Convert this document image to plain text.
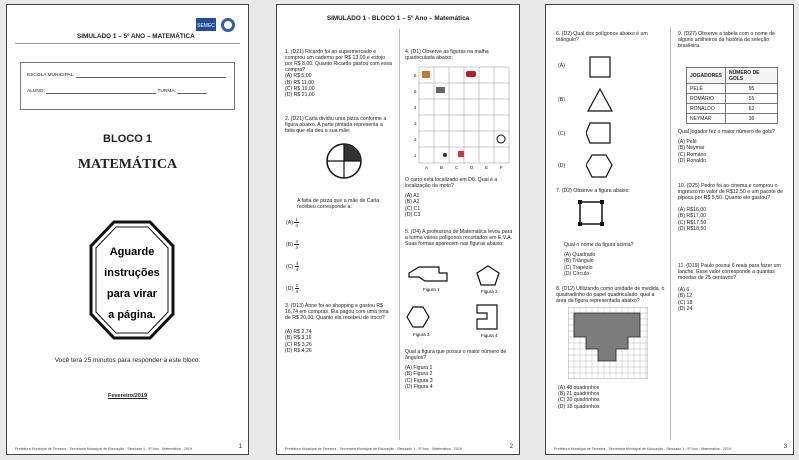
SIMULADO 1 – 5º ANO – MATEMÁTICA
SEMEC
ESCOLA MUNICIPAL:
ALUNO:	TURMA:
BLOCO 1
MATEMÁTICA
Aguarde
instruções
para virar
a página.
Você terá 25 minutos para responder a este bloco.
Fevereiro/2019
Prefeitura Municipal de Teresina - Secretaria Municipal de Educação - Simulado 1 - 5º Ano - Matemática - 2019	1
SIMULADO 1 - BLOCO 1 – 5º Ano – Matemática

1. (D21) Ricardo foi ao supermercado e comprou um caderno por R$ 13,00 e estojo por R$ 8,00. Quanto Ricardo gastou com essa compra?

(A) R$ 5,00
(B) R$ 11,00
(C) R$ 19,00
(D) R$ 21,00

2. (D21) Carla dividiu uma pizza conforme a figura abaixo. A parte pintada representa a fatia que ela deu a sua mãe:

A fatia de pizza que a mãe de Carla recebeu corresponde a:
$(A) \frac{1}{4}$
$(B) \frac{3}{4}$
$(C) \frac{4}{4}$
$(D) \frac{2}{4}$

3. (D13) Anne foi ao shopping e gastou R$ 16,74 em compras. Ela pagou com uma nota de R$ 20,00. Quanto ela recebeu de troco?

(A) R$ 2,74
(B) R$ 3,16
(C) R$ 3,26
(D) R$ 4,26

4. (D1) Observe as figuras na malha quadriculada abaixo:

6
5
4
3
2
1
A	B	C	D	E	F

O carro está localizado em D6. Qual é a localização da moto?

(A) A1
(B) A2
(C) C1
(D) C3

5. (D4) A professora de Matemática levou para a turma vários polígonos recortados em E.V.A. Suas formas aparecem nas figuras abaixo:

Figura 1	Figura 2
Figura 3	Figura 4

Qual a figura que possui o maior número de ângulos?

(A) Figura 1
(B) Figura 2
(C) Figura 3
(D) Figura 4
Prefeitura Municipal de Teresina - Secretaria Municipal de Educação - Simulado 1 - 5º Ano - Matemática - 2019	2

6. (D2) Qual dos polígonos abaixo é um triângulo?

(A)
(B)
(C)
(D)

7. (D2) Observe a figura abaixo:

Qual o nome da figura acima?

(A) Quadrado
(B) Triângulo
(C) Trapézio
(D) Círculo

8. (D12) Utilizando como unidade de medida, o quadradinho do papel quadriculado, qual a área da figura representada abaixo?

(A) 48 quadrinhos
(B) 21 quadrinhos
(C) 20 quadrinhos
(D) 18 quadrinhos

9. (D27) Observe a tabela com o nome de alguns artilheiros da história da seleção brasileira.

JOGADORES	NÚMERO DE GOLS
PELÉ	95
ROMÁRIO	55
RONALDO	62
NEYMAR	36

Qual jogador fez o maior número de gols?

(A) Pelé
(B) Neymar
(C) Romário
(D) Ronaldo

10. (D25) Pedro foi ao cinema e comprou o ingresso no valor de R$12,50 e um pacote de pipoca por R$ 5,50. Quanto ele gastou?

(A) R$16,00
(B) R$17,00
(C) R$17,50
(D) R$18,50

11. (D19) Paulo possui 6 reais para fazer um lanche. Esse valor corresponde a quantas moedas de 25 centavos?

(A) 6
(B) 12
(C) 18
(D) 24
Prefeitura Municipal de Teresina - Secretaria Municipal de Educação - Simulado 1 - 5º Ano - Matemática - 2019	3
